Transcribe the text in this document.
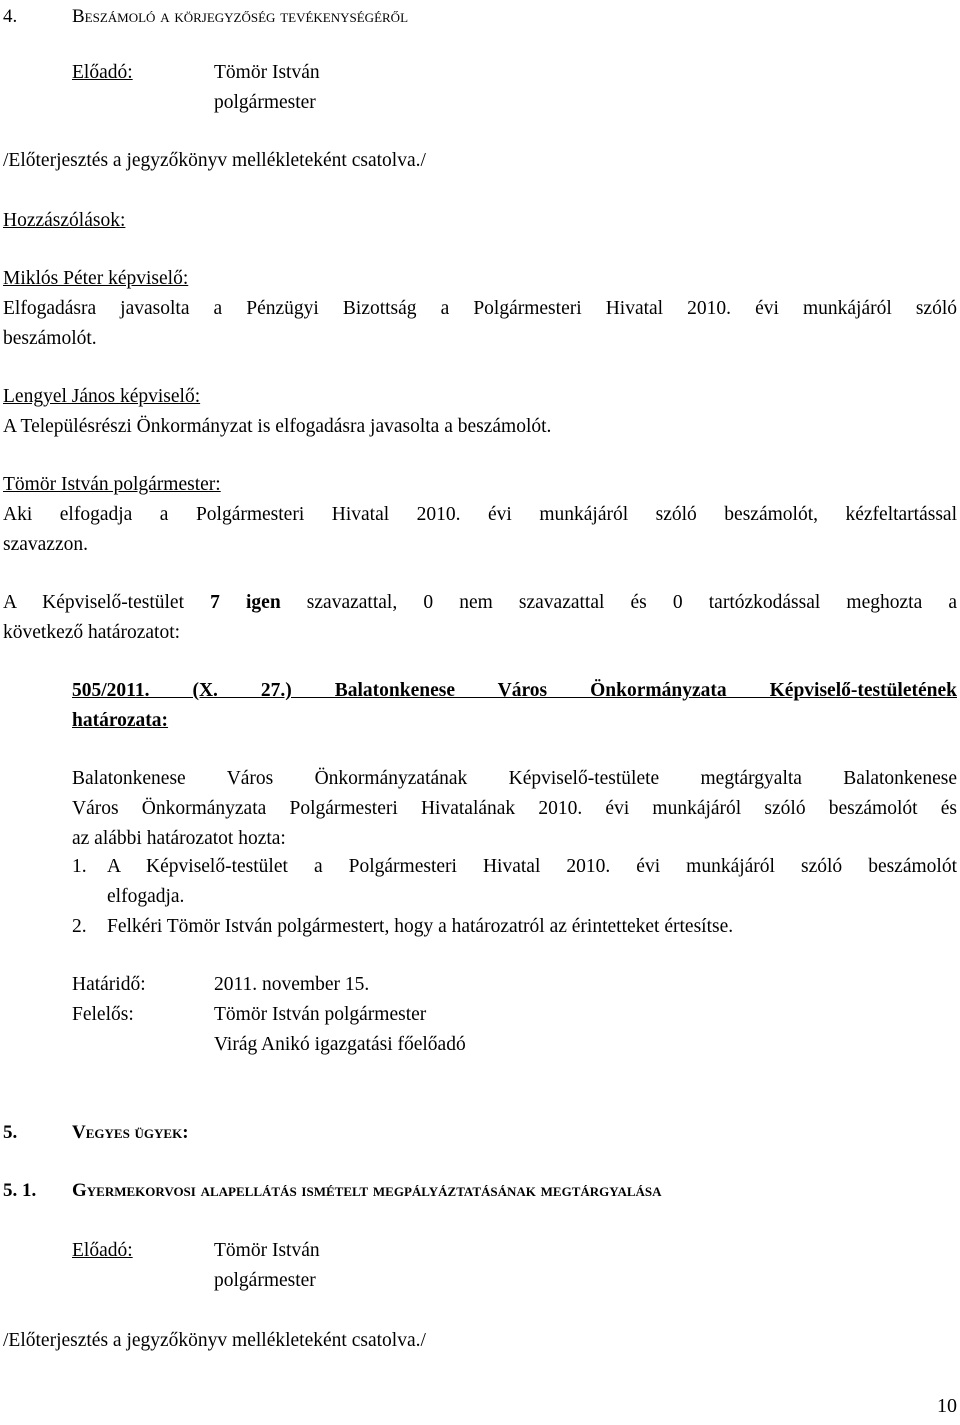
4.	Beszámoló a körjegyzőség tevékenységéről

Előadó:	Tömör István

polgármester

/Előterjesztés a jegyzőkönyv mellékleteként csatolva./

Hozzászólások:

Miklós Péter képviselő:

Elfogadásra javasolta a Pénzügyi Bizottság a Polgármesteri Hivatal 2010. évi munkájáról szóló

beszámolót.

Lengyel János képviselő:

A Településrészi Önkormányzat is elfogadásra javasolta a beszámolót.

Tömör István polgármester:

Aki elfogadja a Polgármesteri Hivatal 2010. évi munkájáról szóló beszámolót, kézfeltartással

szavazzon.

A Képviselő-testület 7 igen szavazattal, 0 nem szavazattal és 0 tartózkodással meghozta a

következő határozatot:

505/2011. (X. 27.) Balatonkenese Város Önkormányzata Képviselő-testületének

határozata:

Balatonkenese Város Önkormányzatának Képviselő-testülete megtárgyalta Balatonkenese

Város Önkormányzata Polgármesteri Hivatalának 2010. évi munkájáról szóló beszámolót és

az alábbi határozatot hozta:

1. A Képviselő-testület a Polgármesteri Hivatal 2010. évi munkájáról szóló beszámolót

elfogadja.

2. Felkéri Tömör István polgármestert, hogy a határozatról az érintetteket értesítse.

Határidő:	2011. november 15.

Felelős:	Tömör István polgármester

Virág Anikó igazgatási főelőadó

5.	Vegyes ügyek:

5. 1. Gyermekorvosi alapellátás ismételt megpályáztatásának megtárgyalása

Előadó:	Tömör István

polgármester

/Előterjesztés a jegyzőkönyv mellékleteként csatolva./

10
